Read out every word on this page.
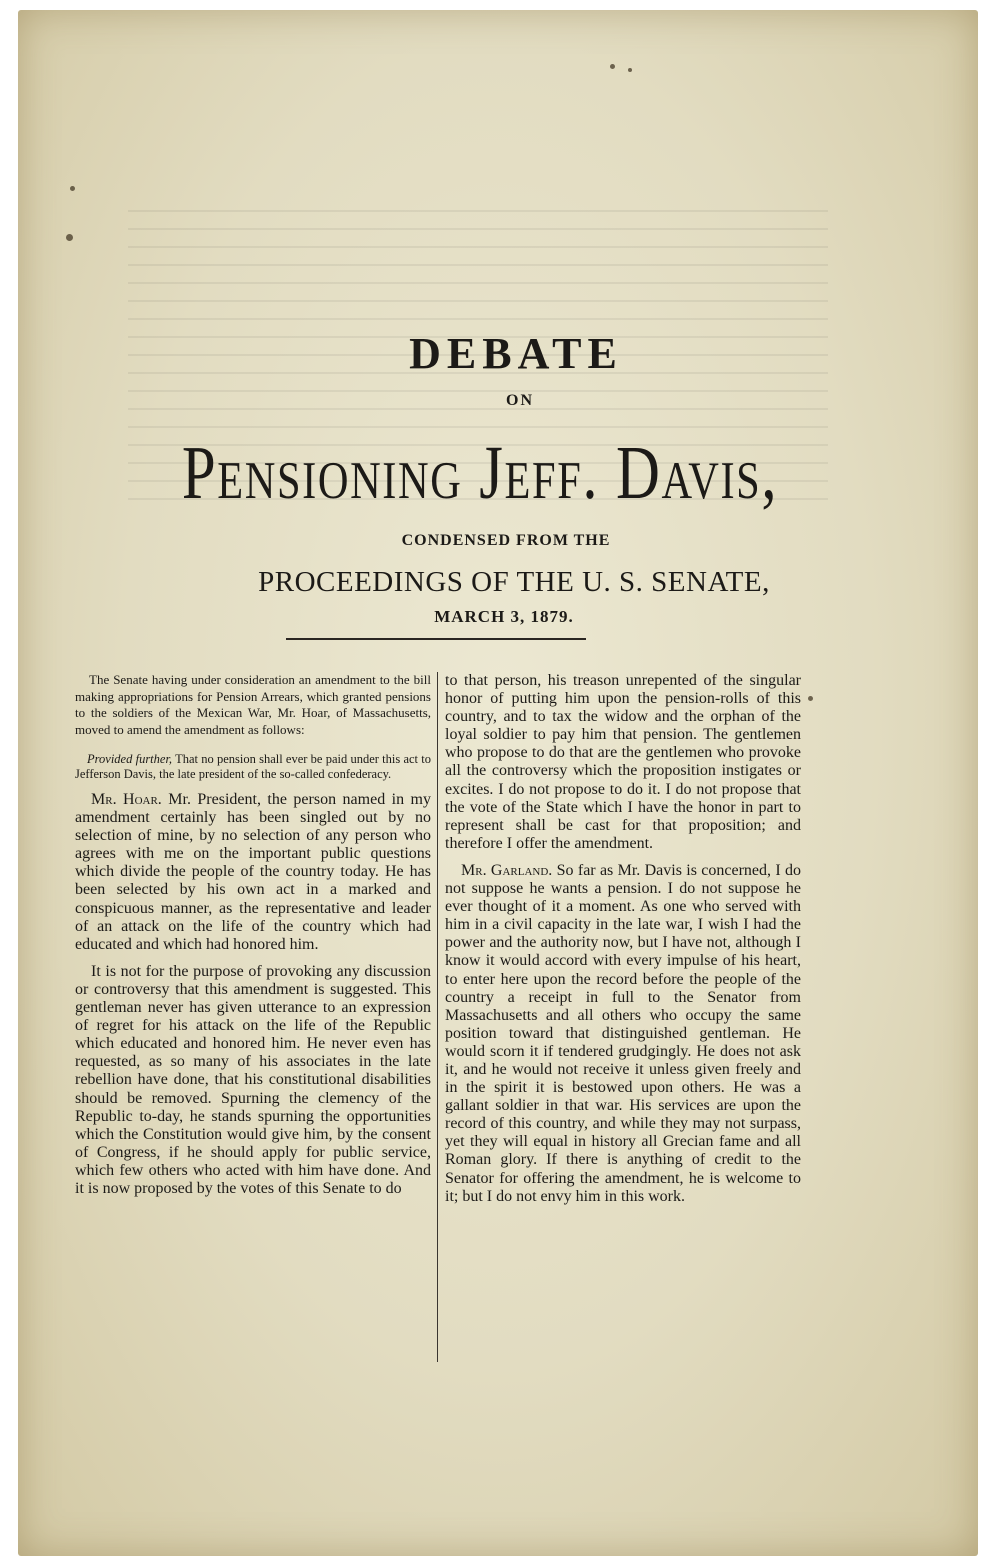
DEBATE
ON
Pensioning Jeff. Davis,
CONDENSED FROM THE
PROCEEDINGS OF THE U. S. SENATE,
MARCH 3, 1879.

The Senate having under consideration an amendment to the bill making appropriations for Pension Arrears, which granted pensions to the soldiers of the Mexican War, Mr. Hoar, of Massachusetts, moved to amend the amendment as follows:

Provided further, That no pension shall ever be paid under this act to Jefferson Davis, the late president of the so-called confederacy.

Mr. Hoar. Mr. President, the person named in my amendment certainly has been singled out by no selection of mine, by no selection of any person who agrees with me on the important public questions which divide the people of the country today. He has been selected by his own act in a marked and conspicuous manner, as the representative and leader of an attack on the life of the country which had educated and which had honored him.

It is not for the purpose of provoking any discussion or controversy that this amendment is suggested. This gentleman never has given utterance to an expression of regret for his attack on the life of the Republic which educated and honored him. He never even has requested, as so many of his associates in the late rebellion have done, that his constitutional disabilities should be removed. Spurning the clemency of the Republic to-day, he stands spurning the opportunities which the Constitution would give him, by the consent of Congress, if he should apply for public service, which few others who acted with him have done. And it is now proposed by the votes of this Senate to do

to that person, his treason unrepented of the singular honor of putting him upon the pension-rolls of this country, and to tax the widow and the orphan of the loyal soldier to pay him that pension. The gentlemen who propose to do that are the gentlemen who provoke all the controversy which the proposition instigates or excites. I do not propose to do it. I do not propose that the vote of the State which I have the honor in part to represent shall be cast for that proposition; and therefore I offer the amendment.

Mr. Garland. So far as Mr. Davis is concerned, I do not suppose he wants a pension. I do not suppose he ever thought of it a moment. As one who served with him in a civil capacity in the late war, I wish I had the power and the authority now, but I have not, although I know it would accord with every impulse of his heart, to enter here upon the record before the people of the country a receipt in full to the Senator from Massachusetts and all others who occupy the same position toward that distinguished gentleman. He would scorn it if tendered grudgingly. He does not ask it, and he would not receive it unless given freely and in the spirit it is bestowed upon others. He was a gallant soldier in that war. His services are upon the record of this country, and while they may not surpass, yet they will equal in history all Grecian fame and all Roman glory. If there is anything of credit to the Senator for offering the amendment, he is welcome to it; but I do not envy him in this work.
